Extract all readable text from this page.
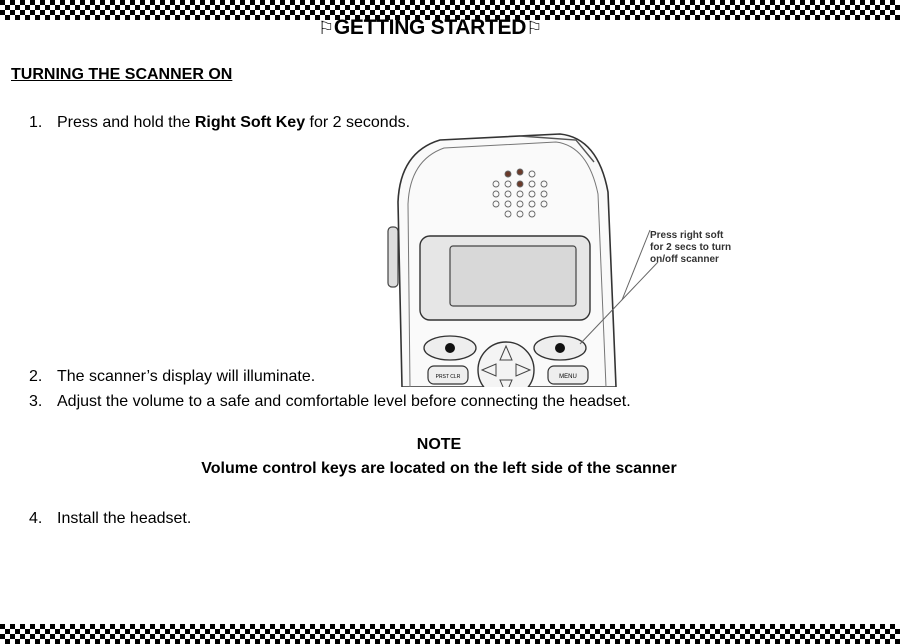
⚐GETTING STARTED⚐
TURNING THE SCANNER ON
1. Press and hold the Right Soft Key for 2 seconds.
2. The scanner’s display will illuminate.
3. Adjust the volume to a safe and comfortable level before connecting the headset.
NOTE
Volume control keys are located on the left side of the scanner
4. Install the headset.
PRST CLR	MENU
Press right soft
for 2 secs to turn
on/off scanner
